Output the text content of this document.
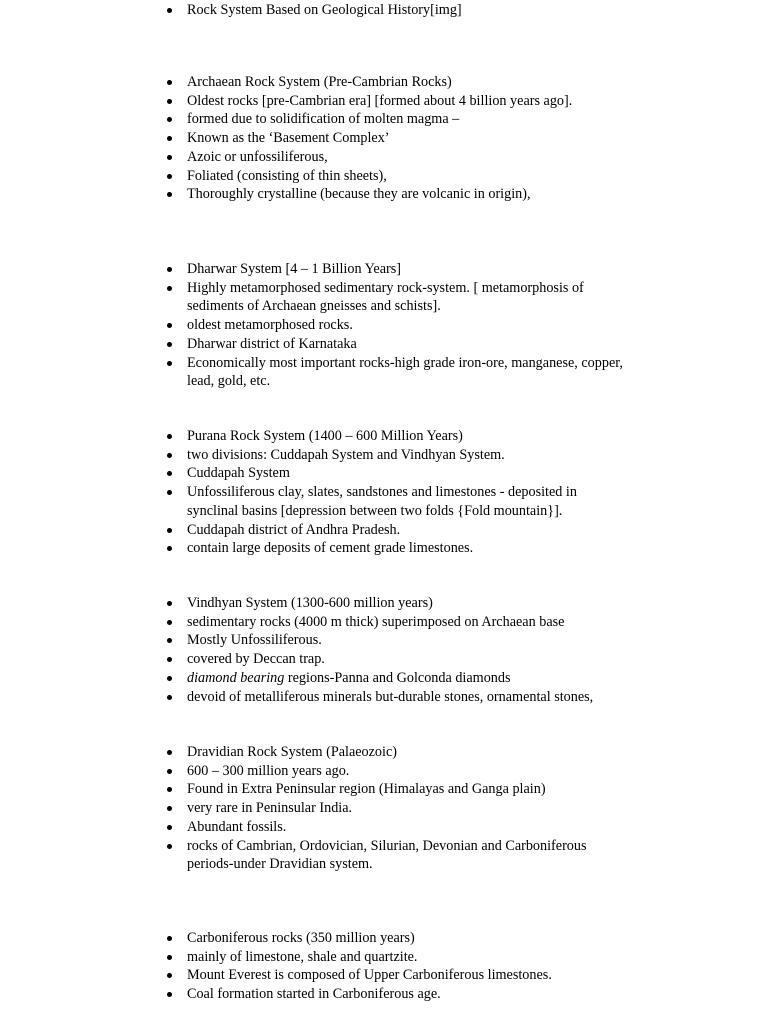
Rock System Based on Geological History[img]
Archaean Rock System (Pre-Cambrian Rocks)
Oldest rocks [pre-Cambrian era] [formed about 4 billion years ago].
formed due to solidification of molten magma –
Known as the ‘Basement Complex’
Azoic or unfossiliferous,
Foliated (consisting of thin sheets),
Thoroughly crystalline (because they are volcanic in origin),
Dharwar System [4 – 1 Billion Years]
Highly metamorphosed sedimentary rock-system. [ metamorphosis of sediments of Archaean gneisses and schists].
oldest metamorphosed rocks.
Dharwar district of Karnataka
Economically most important rocks-high grade iron-ore, manganese, copper, lead, gold, etc.
Purana Rock System (1400 – 600 Million Years)
two divisions: Cuddapah System and Vindhyan System.
Cuddapah System
Unfossiliferous clay, slates, sandstones and limestones - deposited in synclinal basins [depression between two folds {Fold mountain}].
Cuddapah district of Andhra Pradesh.
contain large deposits of cement grade limestones.
Vindhyan System (1300-600 million years)
sedimentary rocks (4000 m thick) superimposed on Archaean base
Mostly Unfossiliferous.
covered by Deccan trap.
diamond bearing regions-Panna and Golconda diamonds
devoid of metalliferous minerals but-durable stones, ornamental stones,
Dravidian Rock System (Palaeozoic)
600 – 300 million years ago.
Found in Extra Peninsular region (Himalayas and Ganga plain)
very rare in Peninsular India.
Abundant fossils.
rocks of Cambrian, Ordovician, Silurian, Devonian and Carboniferous periods-under Dravidian system.
Carboniferous rocks (350 million years)
mainly of limestone, shale and quartzite.
Mount Everest is composed of Upper Carboniferous limestones.
Coal formation started in Carboniferous age.
